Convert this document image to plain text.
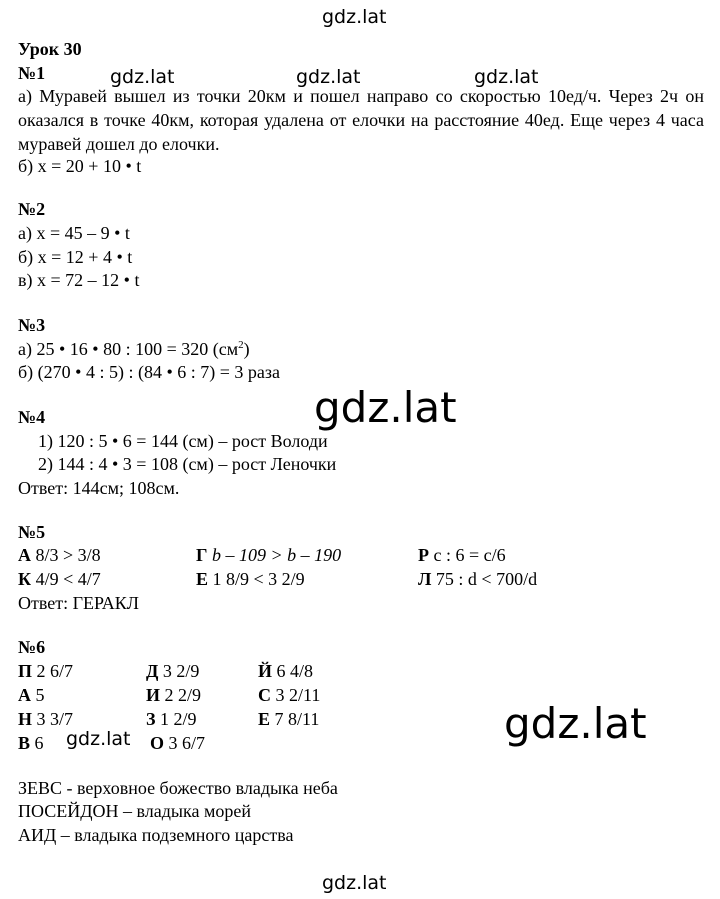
gdz.lat
gdz.lat	gdz.lat	gdz.lat
gdz.lat
gdz.lat
gdz.lat
gdz.lat
Урок 30
№1
а) Муравей вышел из точки 20км и пошел направо со скоростью 10ед/ч. Через 2ч он оказался в точке 40км, которая удалена от елочки на расстояние 40ед. Еще через 4 часа муравей дошел до елочки.
б) х = 20 + 10 • t
№2
а) х = 45 – 9 • t
б) х = 12 + 4 • t
в) х = 72 – 12 • t
№3
а) 25 • 16 • 80 : 100 = 320 $(см^2)$
б) (270 • 4 : 5) : (84 • 6 : 7) = 3 раза
№4
1) 120 : 5 • 6 = 144 (см) – рост Володи
2) 144 : 4 • 3 = 108 (см) – рост Леночки
Ответ: 144см; 108см.
№5
А 8/3 > 3/8	Г b – 109 > b – 190	Р с : 6 = с/6
К 4/9 < 4/7	Е 1 8/9 < 3 2/9	Л 75 : d < 700/d
Ответ: ГЕРАКЛ
№6
П 2 6/7	Д 3 2/9	Й 6 4/8
А 5	И 2 2/9	С 3 2/11
Н 3 3/7	З 1 2/9	Е 7 8/11
В 6	О 3 6/7
ЗЕВС - верховное божество владыка неба
ПОСЕЙДОН – владыка морей
АИД – владыка подземного царства
